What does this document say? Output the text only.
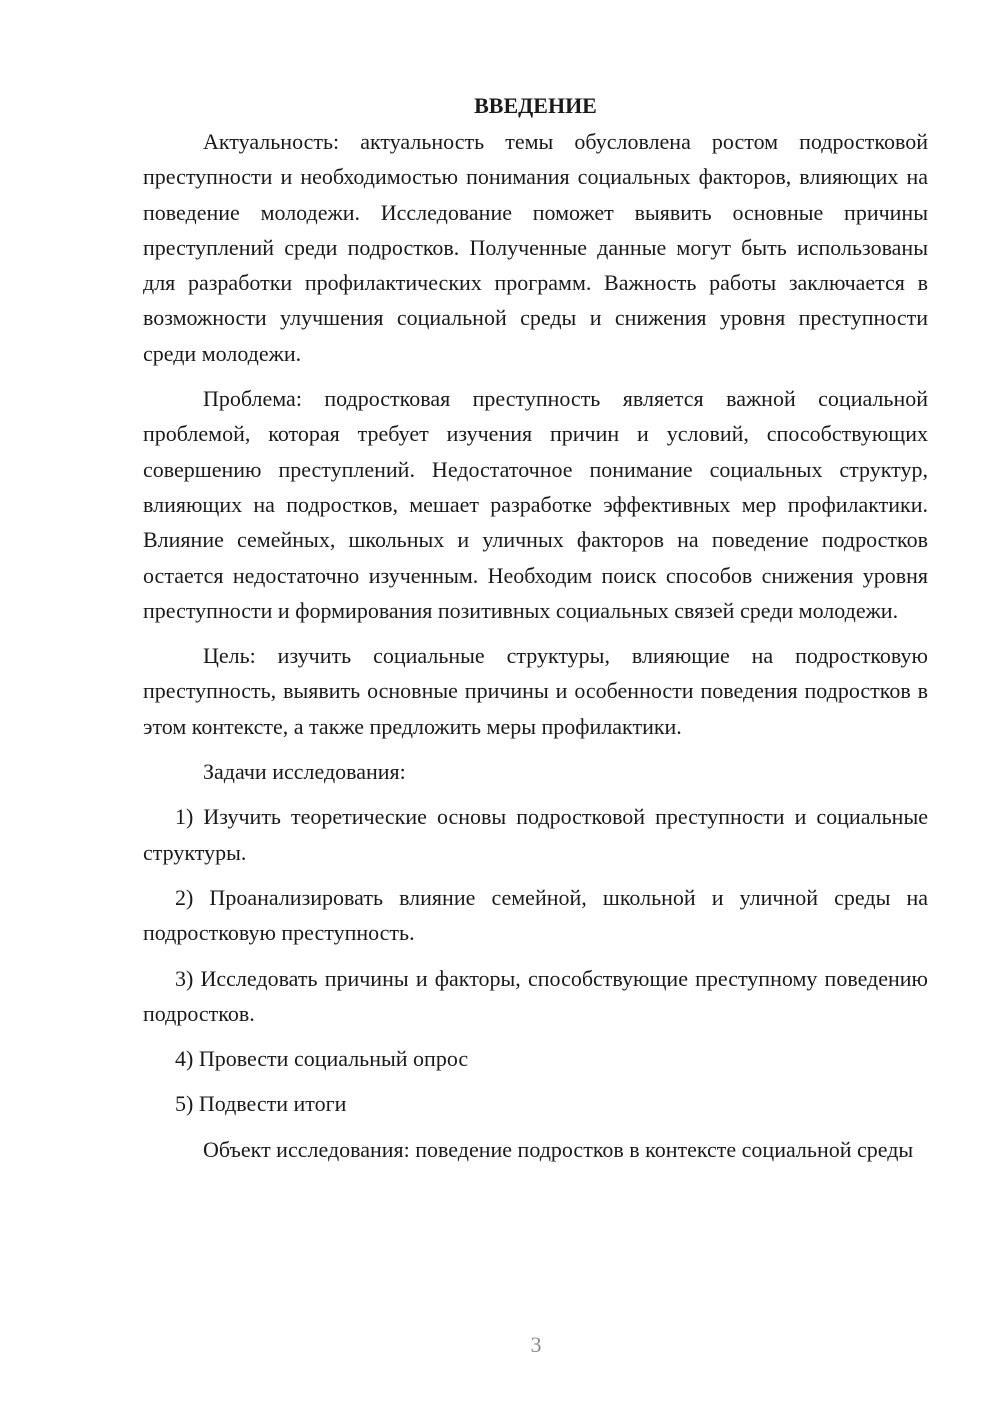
ВВЕДЕНИЕ

Актуальность: актуальность темы обусловлена ростом подростковой преступности и необходимостью понимания социальных факторов, влияющих на поведение молодежи. Исследование поможет выявить основные причины преступлений среди подростков. Полученные данные могут быть использованы для разработки профилактических программ. Важность работы заключается в возможности улучшения социальной среды и снижения уровня преступности среди молодежи.

Проблема: подростковая преступность является важной социальной проблемой, которая требует изучения причин и условий, способствующих совершению преступлений. Недостаточное понимание социальных структур, влияющих на подростков, мешает разработке эффективных мер профилактики. Влияние семейных, школьных и уличных факторов на поведение подростков остается недостаточно изученным. Необходим поиск способов снижения уровня преступности и формирования позитивных социальных связей среди молодежи.

Цель: изучить социальные структуры, влияющие на подростковую преступность, выявить основные причины и особенности поведения подростков в этом контексте, а также предложить меры профилактики.

Задачи исследования:

1) Изучить теоретические основы подростковой преступности и социальные структуры.

2) Проанализировать влияние семейной, школьной и уличной среды на подростковую преступность.

3) Исследовать причины и факторы, способствующие преступному поведению подростков.

4) Провести социальный опрос

5) Подвести итоги

Объект исследования: поведение подростков в контексте социальной среды

3
